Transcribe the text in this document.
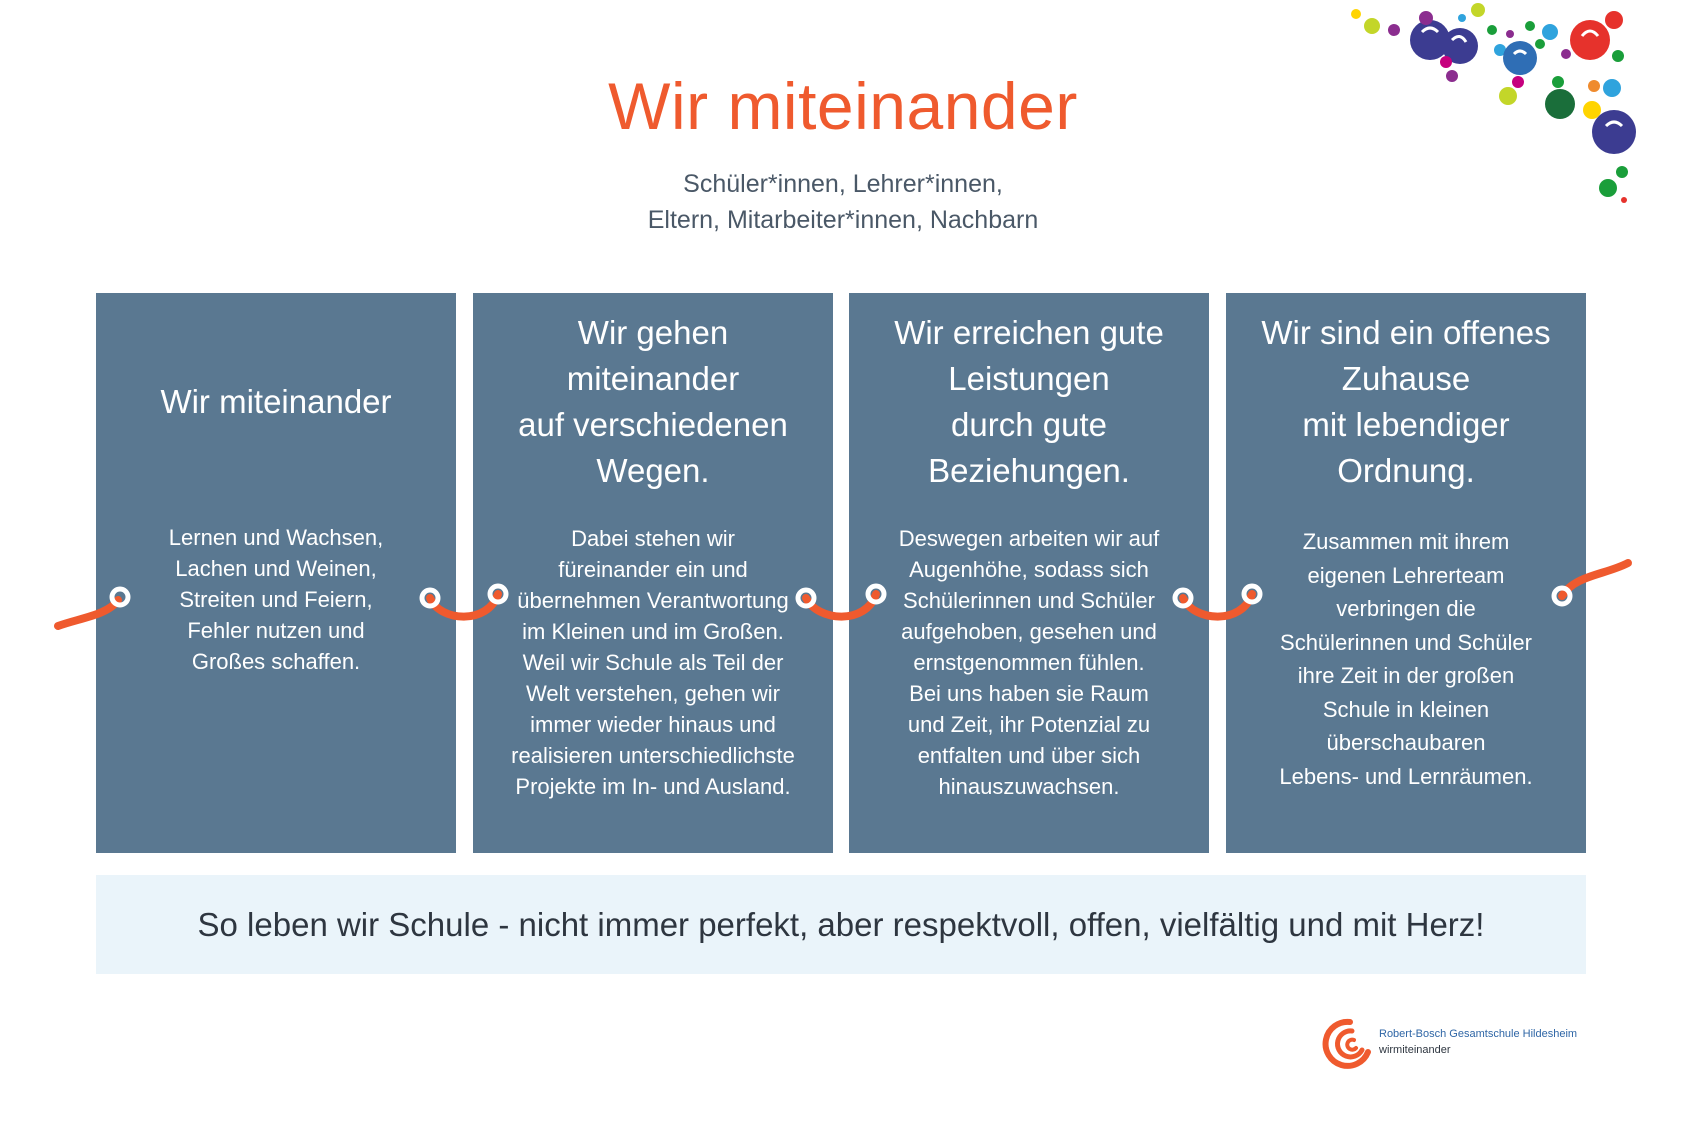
Wir miteinander
Schüler*innen, Lehrer*innen,
Eltern, Mitarbeiter*innen, Nachbarn
Wir miteinander
Lernen und Wachsen,
Lachen und Weinen,
Streiten und Feiern,
Fehler nutzen und
Großes schaffen.
Wir gehen
miteinander
auf verschiedenen
Wegen.
Dabei stehen wir
füreinander ein und
übernehmen Verantwortung
im Kleinen und im Großen.
Weil wir Schule als Teil der
Welt verstehen, gehen wir
immer wieder hinaus und
realisieren unterschiedlichste
Projekte im In- und Ausland.
Wir erreichen gute
Leistungen
durch gute
Beziehungen.
Deswegen arbeiten wir auf
Augenhöhe, sodass sich
Schülerinnen und Schüler
aufgehoben, gesehen und
ernstgenommen fühlen.
Bei uns haben sie Raum
und Zeit, ihr Potenzial zu
entfalten und über sich
hinauszuwachsen.
Wir sind ein offenes
Zuhause
mit lebendiger
Ordnung.
Zusammen mit ihrem
eigenen Lehrerteam
verbringen die
Schülerinnen und Schüler
ihre Zeit in der großen
Schule in kleinen
überschaubaren
Lebens- und Lernräumen.
So leben wir Schule - nicht immer perfekt, aber respektvoll, offen, vielfältig und mit Herz!
Robert-Bosch Gesamtschule Hildesheim
wirmiteinander
